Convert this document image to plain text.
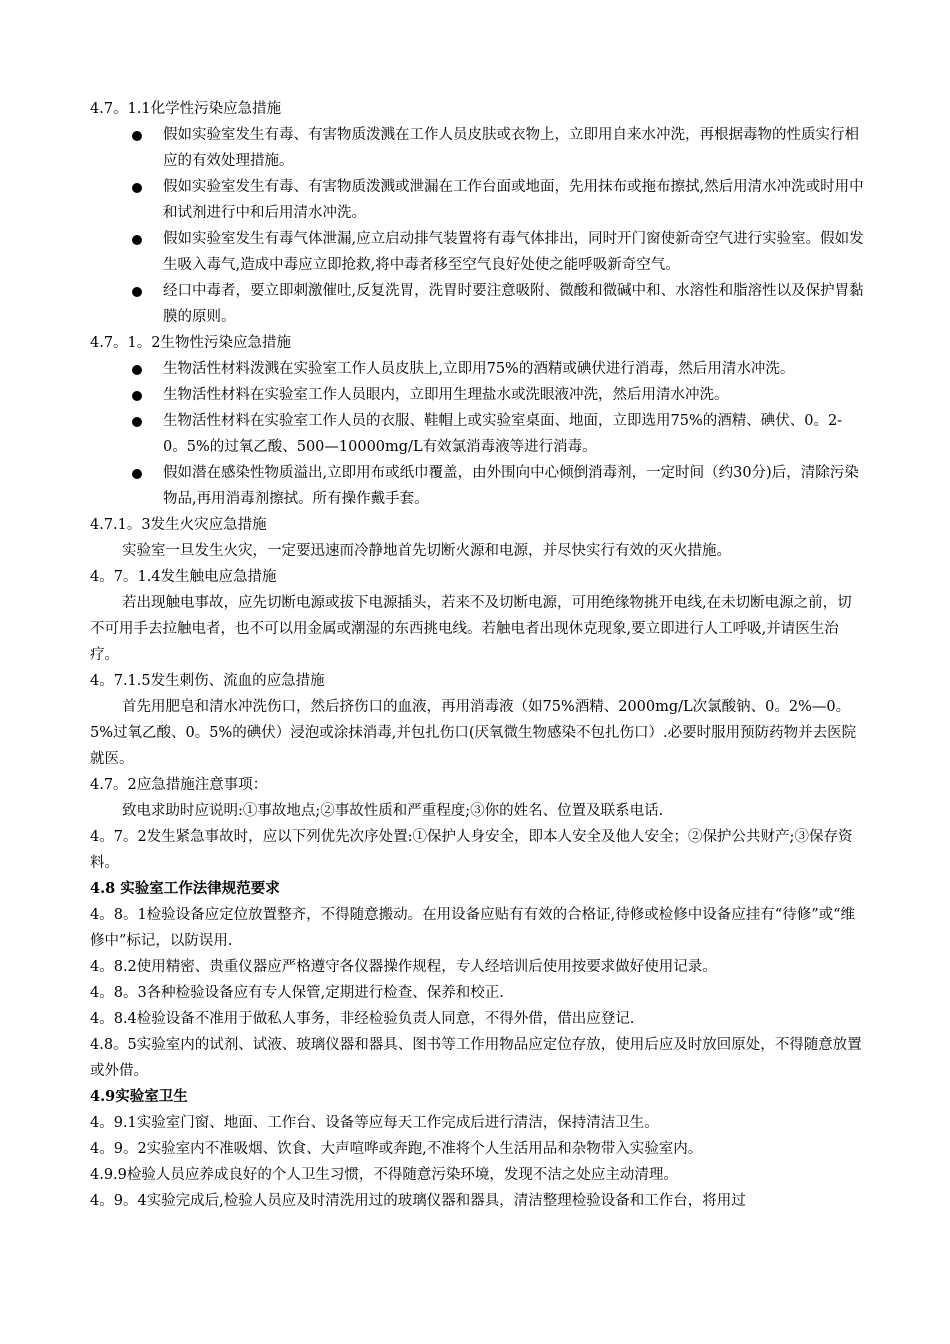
4.7。1.1化学性污染应急措施
假如实验室发生有毒、有害物质泼溅在工作人员皮肤或衣物上，立即用自来水冲洗，再根据毒物的性质实行相应的有效处理措施。
假如实验室发生有毒、有害物质泼溅或泄漏在工作台面或地面，先用抹布或拖布擦拭,然后用清水冲洗或时用中和试剂进行中和后用清水冲洗。
假如实验室发生有毒气体泄漏,应立启动排气装置将有毒气体排出，同时开门窗使新奇空气进行实验室。假如发生吸入毒气,造成中毒应立即抢救,将中毒者移至空气良好处使之能呼吸新奇空气。
经口中毒者，要立即刺激催吐,反复洗胃，洗胃时要注意吸附、微酸和微碱中和、水溶性和脂溶性以及保护胃黏膜的原则。
4.7。1。2生物性污染应急措施
生物活性材料泼溅在实验室工作人员皮肤上,立即用75%的酒精或碘伏进行消毒，然后用清水冲洗。
生物活性材料在实验室工作人员眼内，立即用生理盐水或洗眼液冲洗，然后用清水冲洗。
生物活性材料在实验室工作人员的衣服、鞋帽上或实验室桌面、地面，立即选用75%的酒精、碘伏、0。2-0。5%的过氧乙酸、500—10000mg/L有效氯消毒液等进行消毒。
假如潜在感染性物质溢出,立即用布或纸巾覆盖，由外围向中心倾倒消毒剂，一定时间（约30分)后，清除污染物品,再用消毒剂擦拭。所有操作戴手套。
4.7.1。3发生火灾应急措施
实验室一旦发生火灾，一定要迅速而冷静地首先切断火源和电源，并尽快实行有效的灭火措施。
4。7。1.4发生触电应急措施
若出现触电事故，应先切断电源或拔下电源插头，若来不及切断电源，可用绝缘物挑开电线,在未切断电源之前，切不可用手去拉触电者，也不可以用金属或潮湿的东西挑电线。若触电者出现休克现象,要立即进行人工呼吸,并请医生治疗。
4。7.1.5发生刺伤、流血的应急措施
首先用肥皂和清水冲洗伤口，然后挤伤口的血液，再用消毒液（如75%酒精、2000mg/L次氯酸钠、0。2%—0。5%过氧乙酸、0。5%的碘伏）浸泡或涂抹消毒,并包扎伤口(厌氧微生物感染不包扎伤口）.必要时服用预防药物并去医院就医。
4.7。2应急措施注意事项：
致电求助时应说明:①事故地点;②事故性质和严重程度;③你的姓名、位置及联系电话.
4。7。2发生紧急事故时，应以下列优先次序处置:①保护人身安全，即本人安全及他人安全；②保护公共财产;③保存资料。
4.8 实验室工作法律规范要求
4。8。1检验设备应定位放置整齐，不得随意搬动。在用设备应贴有有效的合格证,待修或检修中设备应挂有“待修”或“维修中”标记，以防误用.
4。8.2使用精密、贵重仪器应严格遵守各仪器操作规程，专人经培训后使用按要求做好使用记录。
4。8。3各种检验设备应有专人保管,定期进行检查、保养和校正.
4。8.4检验设备不准用于做私人事务，非经检验负责人同意，不得外借，借出应登记.
4.8。5实验室内的试剂、试液、玻璃仪器和器具、图书等工作用物品应定位存放，使用后应及时放回原处，不得随意放置或外借。
4.9实验室卫生
4。9.1实验室门窗、地面、工作台、设备等应每天工作完成后进行清洁，保持清洁卫生。
4。9。2实验室内不准吸烟、饮食、大声喧哗或奔跑,不准将个人生活用品和杂物带入实验室内。
4.9.9检验人员应养成良好的个人卫生习惯，不得随意污染环境，发现不洁之处应主动清理。
4。9。4实验完成后,检验人员应及时清洗用过的玻璃仪器和器具，清洁整理检验设备和工作台，将用过
